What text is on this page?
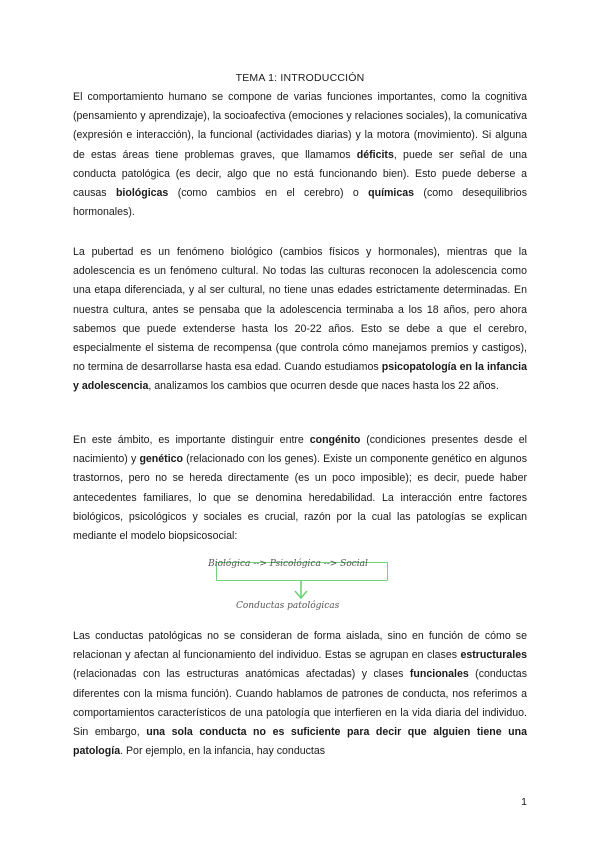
TEMA 1: INTRODUCCIÓN

El comportamiento humano se compone de varias funciones importantes, como la cognitiva (pensamiento y aprendizaje), la socioafectiva (emociones y relaciones sociales), la comunicativa (expresión e interacción), la funcional (actividades diarias) y la motora (movimiento). Si alguna de estas áreas tiene problemas graves, que llamamos déficits, puede ser señal de una conducta patológica (es decir, algo que no está funcionando bien). Esto puede deberse a causas biológicas (como cambios en el cerebro) o químicas (como desequilibrios hormonales).

La pubertad es un fenómeno biológico (cambios físicos y hormonales), mientras que la adolescencia es un fenómeno cultural. No todas las culturas reconocen la adolescencia como una etapa diferenciada, y al ser cultural, no tiene unas edades estrictamente determinadas. En nuestra cultura, antes se pensaba que la adolescencia terminaba a los 18 años, pero ahora sabemos que puede extenderse hasta los 20-22 años. Esto se debe a que el cerebro, especialmente el sistema de recompensa (que controla cómo manejamos premios y castigos), no termina de desarrollarse hasta esa edad. Cuando estudiamos psicopatología en la infancia y adolescencia, analizamos los cambios que ocurren desde que naces hasta los 22 años.

En este ámbito, es importante distinguir entre congénito (condiciones presentes desde el nacimiento) y genético (relacionado con los genes). Existe un componente genético en algunos trastornos, pero no se hereda directamente (es un poco imposible); es decir, puede haber antecedentes familiares, lo que se denomina heredabilidad. La interacción entre factores biológicos, psicológicos y sociales es crucial, razón por la cual las patologías se explican mediante el modelo biopsicosocial:

Biológica --> Psicológica --> Social
Conductas patológicas

Las conductas patológicas no se consideran de forma aislada, sino en función de cómo se relacionan y afectan al funcionamiento del individuo. Estas se agrupan en clases estructurales (relacionadas con las estructuras anatómicas afectadas) y clases funcionales (conductas diferentes con la misma función). Cuando hablamos de patrones de conducta, nos referimos a comportamientos característicos de una patología que interfieren en la vida diaria del individuo. Sin embargo, una sola conducta no es suficiente para decir que alguien tiene una patología. Por ejemplo, en la infancia, hay conductas

1
